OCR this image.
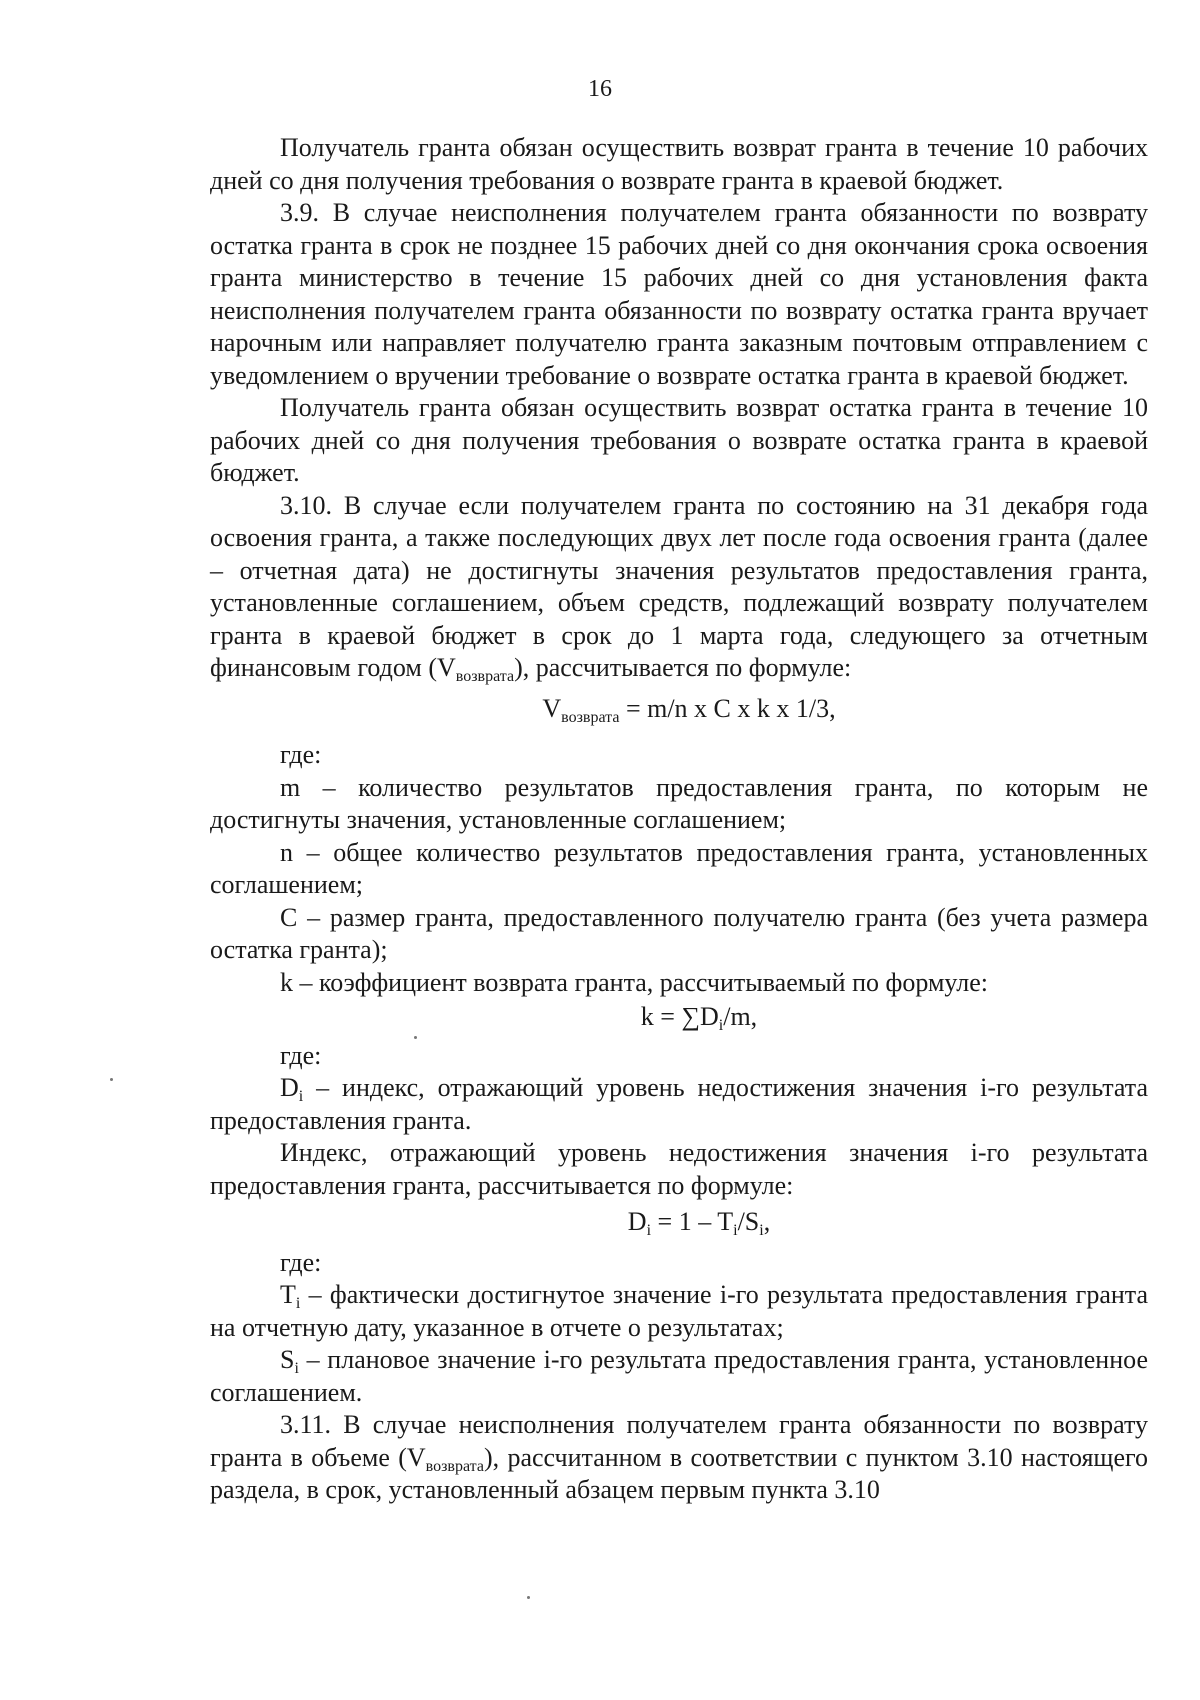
16

Получатель гранта обязан осуществить возврат гранта в течение 10 рабочих дней со дня получения требования о возврате гранта в краевой бюджет.

3.9. В случае неисполнения получателем гранта обязанности по возврату остатка гранта в срок не позднее 15 рабочих дней со дня окончания срока освоения гранта министерство в течение 15 рабочих дней со дня установления факта неисполнения получателем гранта обязанности по возврату остатка гранта вручает нарочным или направляет получателю гранта заказным почтовым отправлением с уведомлением о вручении требование о возврате остатка гранта в краевой бюджет.

Получатель гранта обязан осуществить возврат остатка гранта в течение 10 рабочих дней со дня получения требования о возврате остатка гранта в краевой бюджет.

3.10. В случае если получателем гранта по состоянию на 31 декабря года освоения гранта, а также последующих двух лет после года освоения гранта (далее – отчетная дата) не достигнуты значения результатов предоставления гранта, установленные соглашением, объем средств, подлежащий возврату получателем гранта в краевой бюджет в срок до 1 марта года, следующего за отчетным финансовым годом $(V_{возврата})$, рассчитывается по формуле:

$V_{возврата} = m/n$ x C x k x 1/3,

где:

m – количество результатов предоставления гранта, по которым не достигнуты значения, установленные соглашением;

n – общее количество результатов предоставления гранта, установленных соглашением;

C – размер гранта, предоставленного получателю гранта (без учета размера остатка гранта);

k – коэффициент возврата гранта, рассчитываемый по формуле:

$k = \sum D_i/m$,

где:

$D_i$ – индекс, отражающий уровень недостижения значения i-го результата предоставления гранта.

Индекс, отражающий уровень недостижения значения i-го результата предоставления гранта, рассчитывается по формуле:

$D_i = 1 - T_i/S_i$,

где:

$T_i$ – фактически достигнутое значение i-го результата предоставления гранта на отчетную дату, указанное в отчете о результатах;

$S_i$ – плановое значение i-го результата предоставления гранта, установленное соглашением.

3.11. В случае неисполнения получателем гранта обязанности по возврату гранта в объеме $(V_{возврата})$, рассчитанном в соответствии с пунктом 3.10 настоящего раздела, в срок, установленный абзацем первым пункта 3.10
